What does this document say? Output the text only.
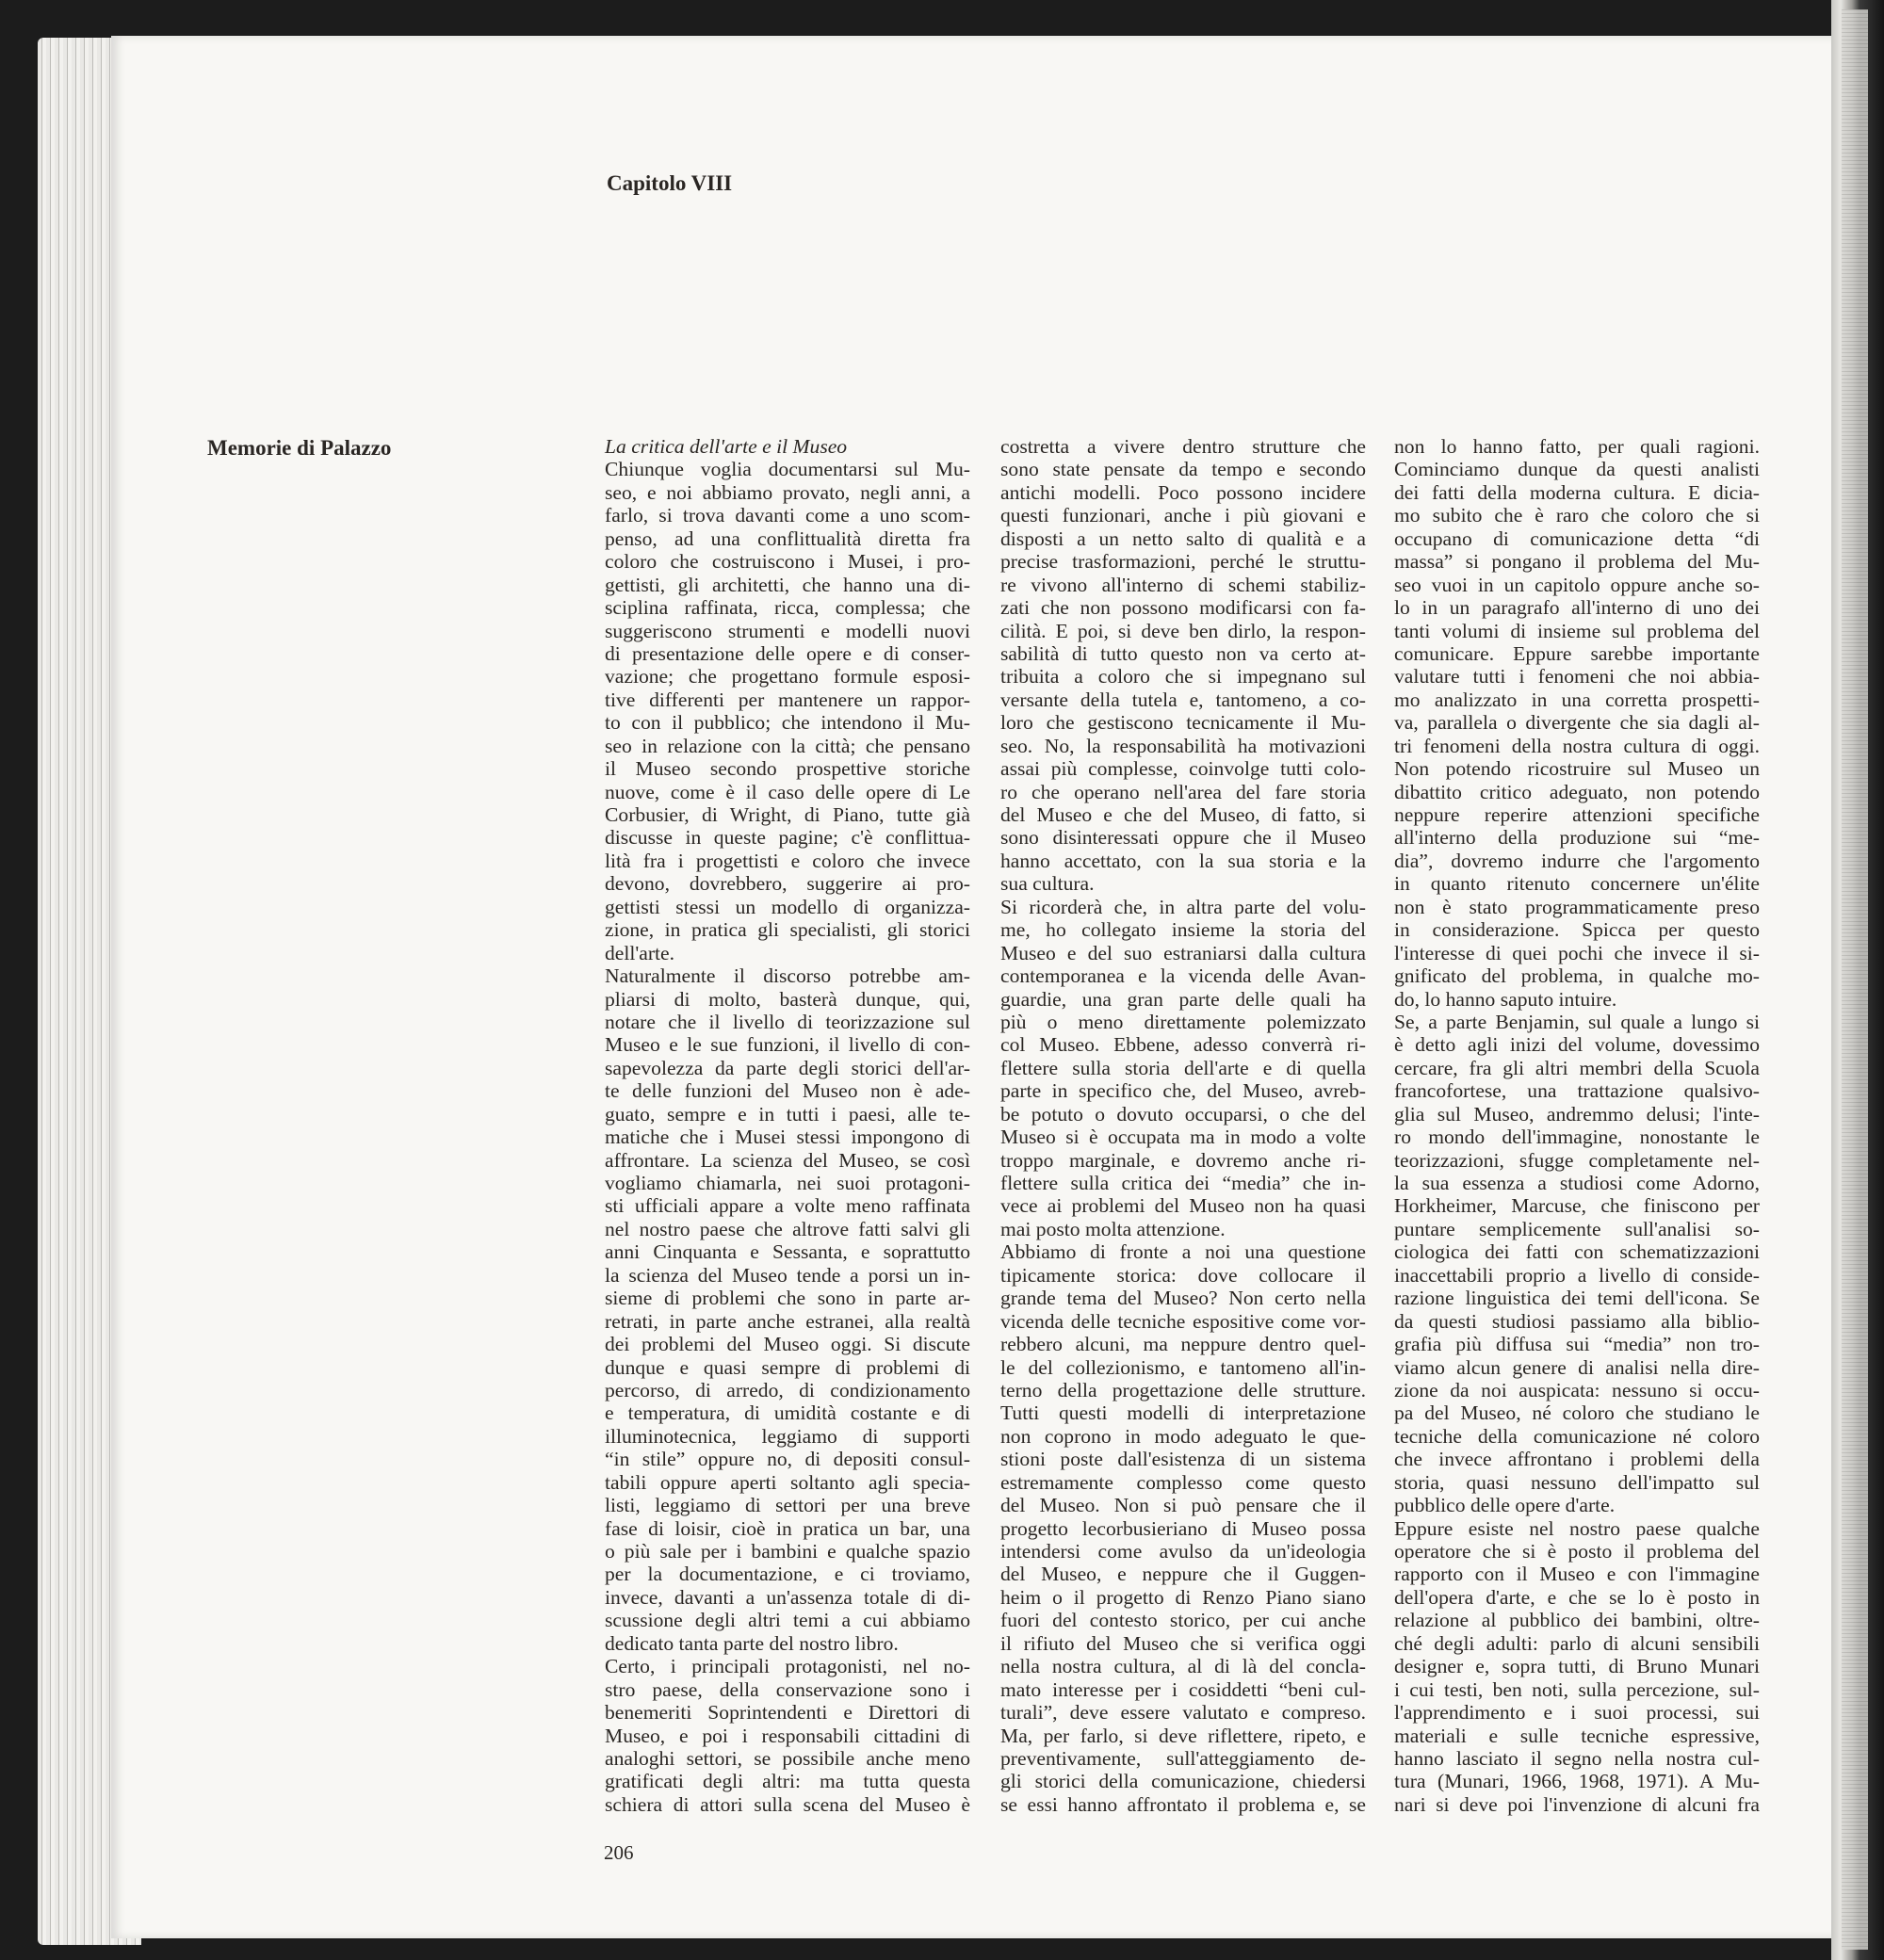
Capitolo VIII
Memorie di Palazzo	La critica dell'arte e il Museo
Chiunque voglia documentarsi sul Mu-
seo, e noi abbiamo provato, negli anni, a
farlo, si trova davanti come a uno scom-
penso, ad una conflittualità diretta fra
coloro che costruiscono i Musei, i pro-
gettisti, gli architetti, che hanno una di-
sciplina raffinata, ricca, complessa; che
suggeriscono strumenti e modelli nuovi
di presentazione delle opere e di conser-
vazione; che progettano formule esposi-
tive differenti per mantenere un rappor-
to con il pubblico; che intendono il Mu-
seo in relazione con la città; che pensano
il Museo secondo prospettive storiche
nuove, come è il caso delle opere di Le
Corbusier, di Wright, di Piano, tutte già
discusse in queste pagine; c'è conflittua-
lità fra i progettisti e coloro che invece
devono, dovrebbero, suggerire ai pro-
gettisti stessi un modello di organizza-
zione, in pratica gli specialisti, gli storici
dell'arte.
Naturalmente il discorso potrebbe am-
pliarsi di molto, basterà dunque, qui,
notare che il livello di teorizzazione sul
Museo e le sue funzioni, il livello di con-
sapevolezza da parte degli storici dell'ar-
te delle funzioni del Museo non è ade-
guato, sempre e in tutti i paesi, alle te-
matiche che i Musei stessi impongono di
affrontare. La scienza del Museo, se così
vogliamo chiamarla, nei suoi protagoni-
sti ufficiali appare a volte meno raffinata
nel nostro paese che altrove fatti salvi gli
anni Cinquanta e Sessanta, e soprattutto
la scienza del Museo tende a porsi un in-
sieme di problemi che sono in parte ar-
retrati, in parte anche estranei, alla realtà
dei problemi del Museo oggi. Si discute
dunque e quasi sempre di problemi di
percorso, di arredo, di condizionamento
e temperatura, di umidità costante e di
illuminotecnica, leggiamo di supporti
“in stile” oppure no, di depositi consul-
tabili oppure aperti soltanto agli specia-
listi, leggiamo di settori per una breve
fase di loisir, cioè in pratica un bar, una
o più sale per i bambini e qualche spazio
per la documentazione, e ci troviamo,
invece, davanti a un'assenza totale di di-
scussione degli altri temi a cui abbiamo
dedicato tanta parte del nostro libro.
Certo, i principali protagonisti, nel no-
stro paese, della conservazione sono i
benemeriti Soprintendenti e Direttori di
Museo, e poi i responsabili cittadini di
analoghi settori, se possibile anche meno
gratificati degli altri: ma tutta questa
schiera di attori sulla scena del Museo è
costretta a vivere dentro strutture che
sono state pensate da tempo e secondo
antichi modelli. Poco possono incidere
questi funzionari, anche i più giovani e
disposti a un netto salto di qualità e a
precise trasformazioni, perché le struttu-
re vivono all'interno di schemi stabiliz-
zati che non possono modificarsi con fa-
cilità. E poi, si deve ben dirlo, la respon-
sabilità di tutto questo non va certo at-
tribuita a coloro che si impegnano sul
versante della tutela e, tantomeno, a co-
loro che gestiscono tecnicamente il Mu-
seo. No, la responsabilità ha motivazioni
assai più complesse, coinvolge tutti colo-
ro che operano nell'area del fare storia
del Museo e che del Museo, di fatto, si
sono disinteressati oppure che il Museo
hanno accettato, con la sua storia e la
sua cultura.
Si ricorderà che, in altra parte del volu-
me, ho collegato insieme la storia del
Museo e del suo estraniarsi dalla cultura
contemporanea e la vicenda delle Avan-
guardie, una gran parte delle quali ha
più o meno direttamente polemizzato
col Museo. Ebbene, adesso converrà ri-
flettere sulla storia dell'arte e di quella
parte in specifico che, del Museo, avreb-
be potuto o dovuto occuparsi, o che del
Museo si è occupata ma in modo a volte
troppo marginale, e dovremo anche ri-
flettere sulla critica dei “media” che in-
vece ai problemi del Museo non ha quasi
mai posto molta attenzione.
Abbiamo di fronte a noi una questione
tipicamente storica: dove collocare il
grande tema del Museo? Non certo nella
vicenda delle tecniche espositive come vor-
rebbero alcuni, ma neppure dentro quel-
le del collezionismo, e tantomeno all'in-
terno della progettazione delle strutture.
Tutti questi modelli di interpretazione
non coprono in modo adeguato le que-
stioni poste dall'esistenza di un sistema
estremamente complesso come questo
del Museo. Non si può pensare che il
progetto lecorbusieriano di Museo possa
intendersi come avulso da un'ideologia
del Museo, e neppure che il Guggen-
heim o il progetto di Renzo Piano siano
fuori del contesto storico, per cui anche
il rifiuto del Museo che si verifica oggi
nella nostra cultura, al di là del concla-
mato interesse per i cosiddetti “beni cul-
turali”, deve essere valutato e compreso.
Ma, per farlo, si deve riflettere, ripeto, e
preventivamente, sull'atteggiamento de-
gli storici della comunicazione, chiedersi
se essi hanno affrontato il problema e, se
non lo hanno fatto, per quali ragioni.
Cominciamo dunque da questi analisti
dei fatti della moderna cultura. E dicia-
mo subito che è raro che coloro che si
occupano di comunicazione detta “di
massa” si pongano il problema del Mu-
seo vuoi in un capitolo oppure anche so-
lo in un paragrafo all'interno di uno dei
tanti volumi di insieme sul problema del
comunicare. Eppure sarebbe importante
valutare tutti i fenomeni che noi abbia-
mo analizzato in una corretta prospetti-
va, parallela o divergente che sia dagli al-
tri fenomeni della nostra cultura di oggi.
Non potendo ricostruire sul Museo un
dibattito critico adeguato, non potendo
neppure reperire attenzioni specifiche
all'interno della produzione sui “me-
dia”, dovremo indurre che l'argomento
in quanto ritenuto concernere un'élite
non è stato programmaticamente preso
in considerazione. Spicca per questo
l'interesse di quei pochi che invece il si-
gnificato del problema, in qualche mo-
do, lo hanno saputo intuire.
Se, a parte Benjamin, sul quale a lungo si
è detto agli inizi del volume, dovessimo
cercare, fra gli altri membri della Scuola
francofortese, una trattazione qualsivo-
glia sul Museo, andremmo delusi; l'inte-
ro mondo dell'immagine, nonostante le
teorizzazioni, sfugge completamente nel-
la sua essenza a studiosi come Adorno,
Horkheimer, Marcuse, che finiscono per
puntare semplicemente sull'analisi so-
ciologica dei fatti con schematizzazioni
inaccettabili proprio a livello di conside-
razione linguistica dei temi dell'icona. Se
da questi studiosi passiamo alla biblio-
grafia più diffusa sui “media” non tro-
viamo alcun genere di analisi nella dire-
zione da noi auspicata: nessuno si occu-
pa del Museo, né coloro che studiano le
tecniche della comunicazione né coloro
che invece affrontano i problemi della
storia, quasi nessuno dell'impatto sul
pubblico delle opere d'arte.
Eppure esiste nel nostro paese qualche
operatore che si è posto il problema del
rapporto con il Museo e con l'immagine
dell'opera d'arte, e che se lo è posto in
relazione al pubblico dei bambini, oltre-
ché degli adulti: parlo di alcuni sensibili
designer e, sopra tutti, di Bruno Munari
i cui testi, ben noti, sulla percezione, sul-
l'apprendimento e i suoi processi, sui
materiali e sulle tecniche espressive,
hanno lasciato il segno nella nostra cul-
tura (Munari, 1966, 1968, 1971). A Mu-
nari si deve poi l'invenzione di alcuni fra
206
